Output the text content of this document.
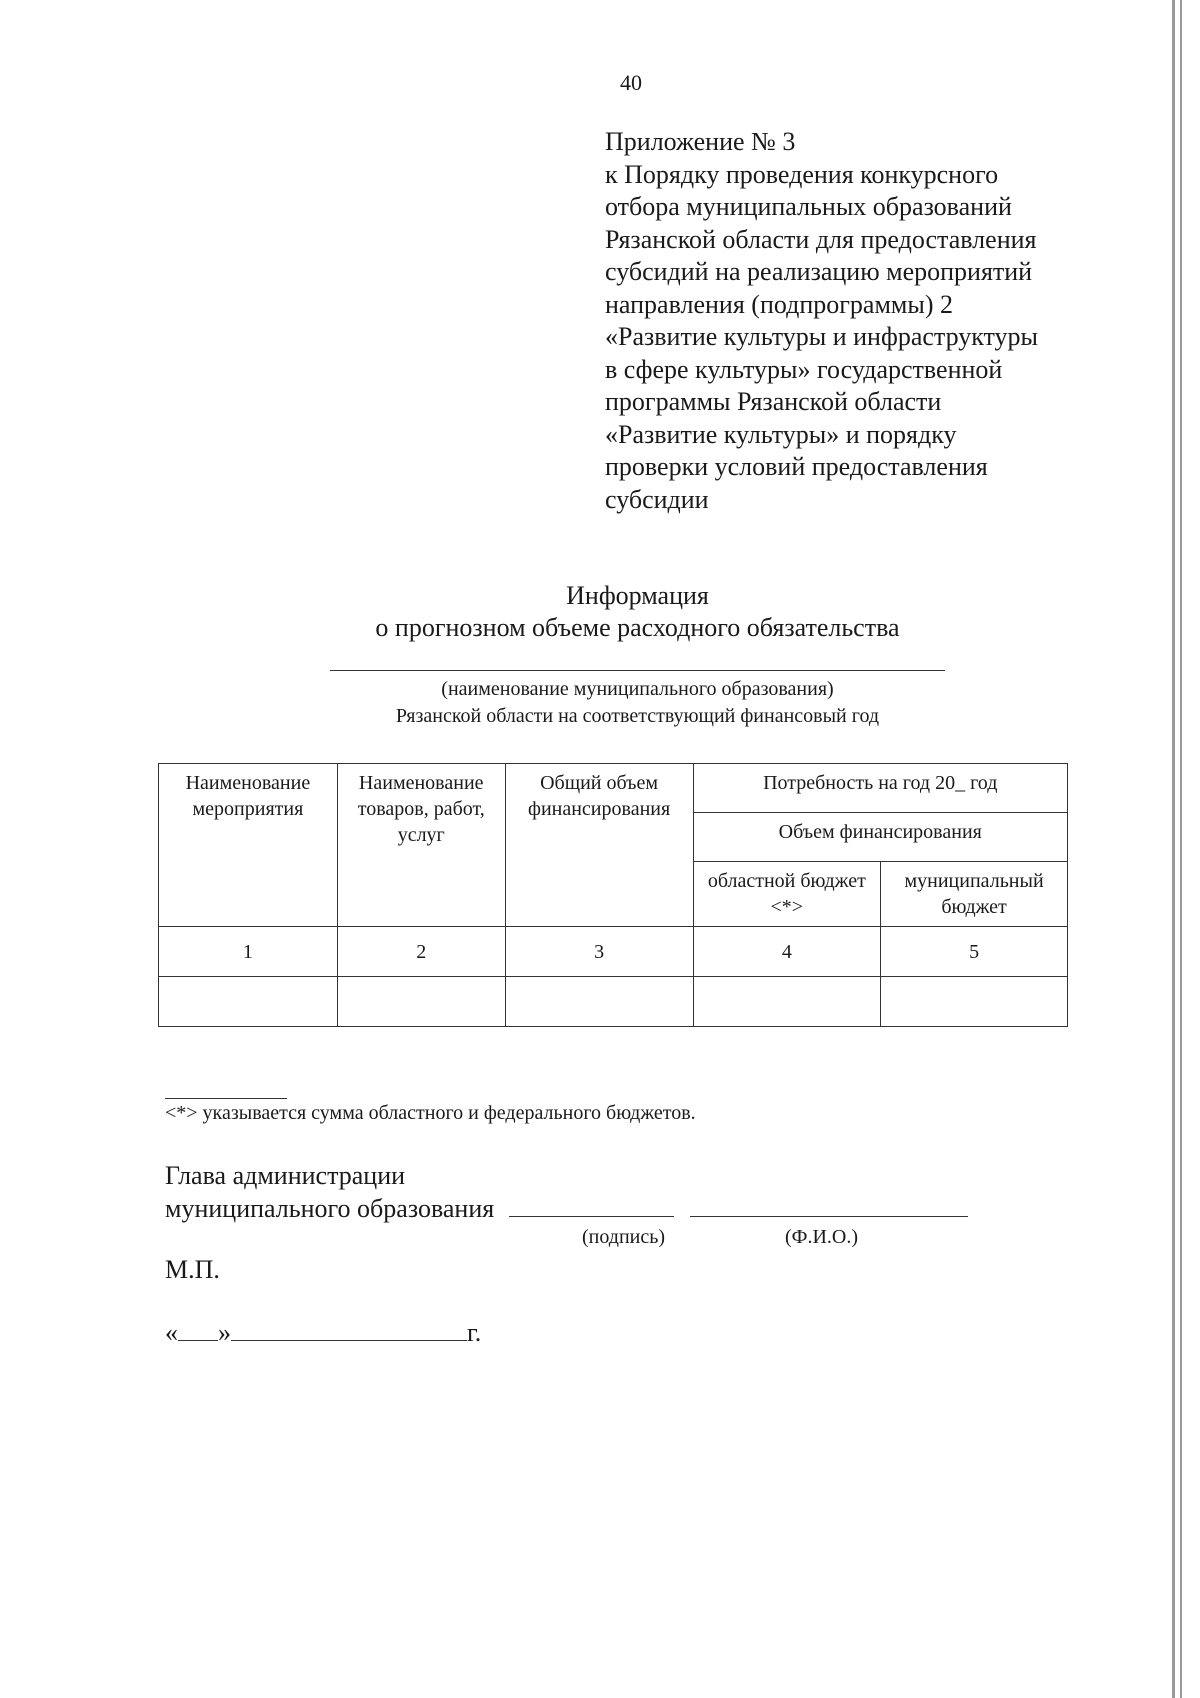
40
Приложение № 3
к Порядку проведения конкурсного
отбора муниципальных образований
Рязанской области для предоставления
субсидий на реализацию мероприятий
направления (подпрограммы) 2
«Развитие культуры и инфраструктуры
в сфере культуры» государственной
программы Рязанской области
«Развитие культуры» и порядку
проверки условий предоставления
субсидии
Информация
о прогнозном объеме расходного обязательства
(наименование муниципального образования)
Рязанской области на соответствующий финансовый год
Наименование мероприятия	Наименование товаров, работ, услуг	Общий объем финансирования	Потребность на год 20_ год	
			Объем финансирования	
			областной бюджет <*>	муниципальный бюджет
1	2	3	4	5

<*> указывается сумма областного и федерального бюджетов.
Глава администрации
муниципального образования
(подпись)	(Ф.И.О.)
М.П.
« »	г.
